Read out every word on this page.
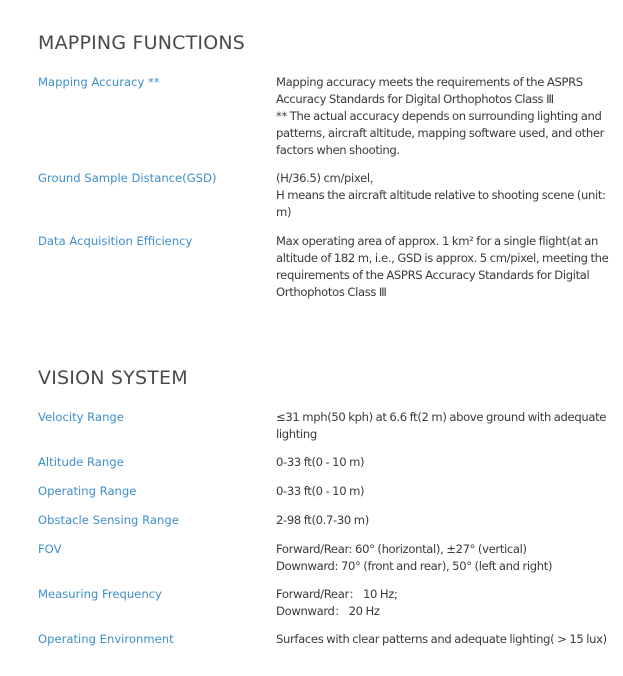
MAPPING FUNCTIONS
Mapping Accuracy **	Mapping accuracy meets the requirements of the ASPRS
Accuracy Standards for Digital Orthophotos Class Ⅲ
** The actual accuracy depends on surrounding lighting and
patterns, aircraft altitude, mapping software used, and other
factors when shooting.
Ground Sample Distance(GSD)	(H/36.5) cm/pixel，
H means the aircraft altitude relative to shooting scene (unit:
m)
Data Acquisition Efficiency	Max operating area of approx. 1 km² for a single flight(at an
altitude of 182 m, i.e., GSD is approx. 5 cm/pixel, meeting the
requirements of the ASPRS Accuracy Standards for Digital
Orthophotos Class Ⅲ
VISION SYSTEM
Velocity Range	≤31 mph(50 kph) at 6.6 ft(2 m) above ground with adequate
lighting
Altitude Range	0-33 ft(0 - 10 m)
Operating Range	0-33 ft(0 - 10 m)
Obstacle Sensing Range	2-98 ft(0.7-30 m)
FOV	Forward/Rear: 60° (horizontal), ±27° (vertical)
Downward: 70° (front and rear), 50° (left and right)
Measuring Frequency	Forward/Rear： 10 Hz;
Downward： 20 Hz
Operating Environment	Surfaces with clear patterns and adequate lighting( > 15 lux)
